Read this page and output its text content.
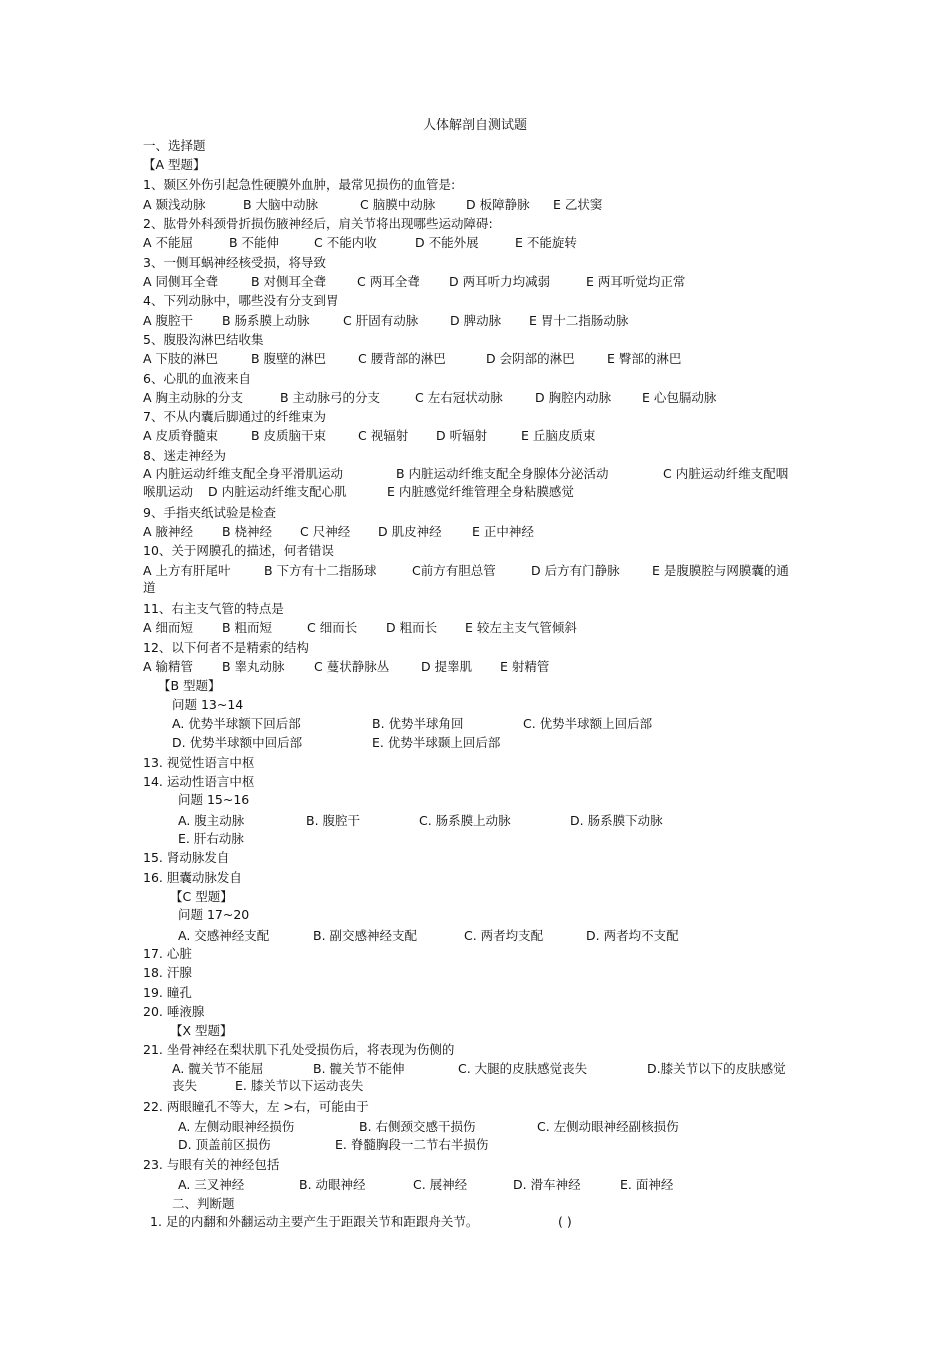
人体解剖自测试题
一、选择题
【A 型题】
1、颞区外伤引起急性硬膜外血肿，最常见损伤的血管是:
A 颞浅动脉	B 大脑中动脉	C 脑膜中动脉 D 板障静脉 E 乙状窦
2、肱骨外科颈骨折损伤腋神经后，肩关节将出现哪些运动障碍:
A 不能屈	B 不能伸	C 不能内收	D 不能外展	E 不能旋转
3、一侧耳蜗神经核受损，将导致
A 同侧耳全聋	B 对侧耳全聋 C 两耳全聋 D 两耳听力均减弱	E 两耳听觉均正常
4、下列动脉中，哪些没有分支到胃
A 腹腔干 B 肠系膜上动脉	C 肝固有动脉	D 脾动脉 E 胃十二指肠动脉
5、腹股沟淋巴结收集
A 下肢的淋巴	B 腹壁的淋巴	C 腰背部的淋巴	D 会阴部的淋巴	E 臀部的淋巴
6、心肌的血液来自
A 胸主动脉的分支	B 主动脉弓的分支	C 左右冠状动脉	D 胸腔内动脉 E 心包膈动脉
7、不从内囊后脚通过的纤维束为
A 皮质脊髓束	B 皮质脑干束	C 视辐射 D 听辐射	E 丘脑皮质束
8、迷走神经为
A 内脏运动纤维支配全身平滑肌运动	B 内脏运动纤维支配全身腺体分泌活动	C 内脏运动纤维支配咽
喉肌运动 D 内脏运动纤维支配心肌	E 内脏感觉纤维管理全身粘膜感觉
9、手指夹纸试验是检查
A 腋神经 B 桡神经 C 尺神经 D 肌皮神经 E 正中神经
10、关于网膜孔的描述，何者错误
A 上方有肝尾叶	B 下方有十二指肠球	C前方有胆总管	D 后方有门静脉	E 是腹膜腔与网膜囊的通
道
11、右主支气管的特点是
A 细而短 B 粗而短	C 细而长 D 粗而长 E 较左主支气管倾斜
12、以下何者不是精索的结构
A 输精管 B 睾丸动脉 C 蔓状静脉丛	D 提睾肌 E 射精管
【B 型题】
问题 13~14
A. 优势半球额下回后部	B. 优势半球角回	C. 优势半球额上回后部
D. 优势半球额中回后部	E. 优势半球颞上回后部
13. 视觉性语言中枢
14. 运动性语言中枢
问题 15~16
A. 腹主动脉	B. 腹腔干	C. 肠系膜上动脉	D. 肠系膜下动脉
E. 肝右动脉
15. 肾动脉发自
16. 胆囊动脉发自
【C 型题】
问题 17~20
A. 交感神经支配	B. 副交感神经支配	C. 两者均支配	D. 两者均不支配
17. 心脏
18. 汗腺
19. 瞳孔
20. 唾液腺
【X 型题】
21. 坐骨神经在梨状肌下孔处受损伤后，将表现为伤侧的
A. 髋关节不能屈	B. 髋关节不能伸	C. 大腿的皮肤感觉丧失	D.膝关节以下的皮肤感觉
丧失	E. 膝关节以下运动丧失
22. 两眼瞳孔不等大，左 >右，可能由于
A. 左侧动眼神经损伤	B. 右侧颈交感干损伤	C. 左侧动眼神经副核损伤
D. 顶盖前区损伤	E. 脊髓胸段一二节右半损伤
23. 与眼有关的神经包括
A. 三叉神经	B. 动眼神经	C. 展神经	D. 滑车神经	E. 面神经
二、判断题
1. 足的内翻和外翻运动主要产生于距跟关节和距跟舟关节。	( )
